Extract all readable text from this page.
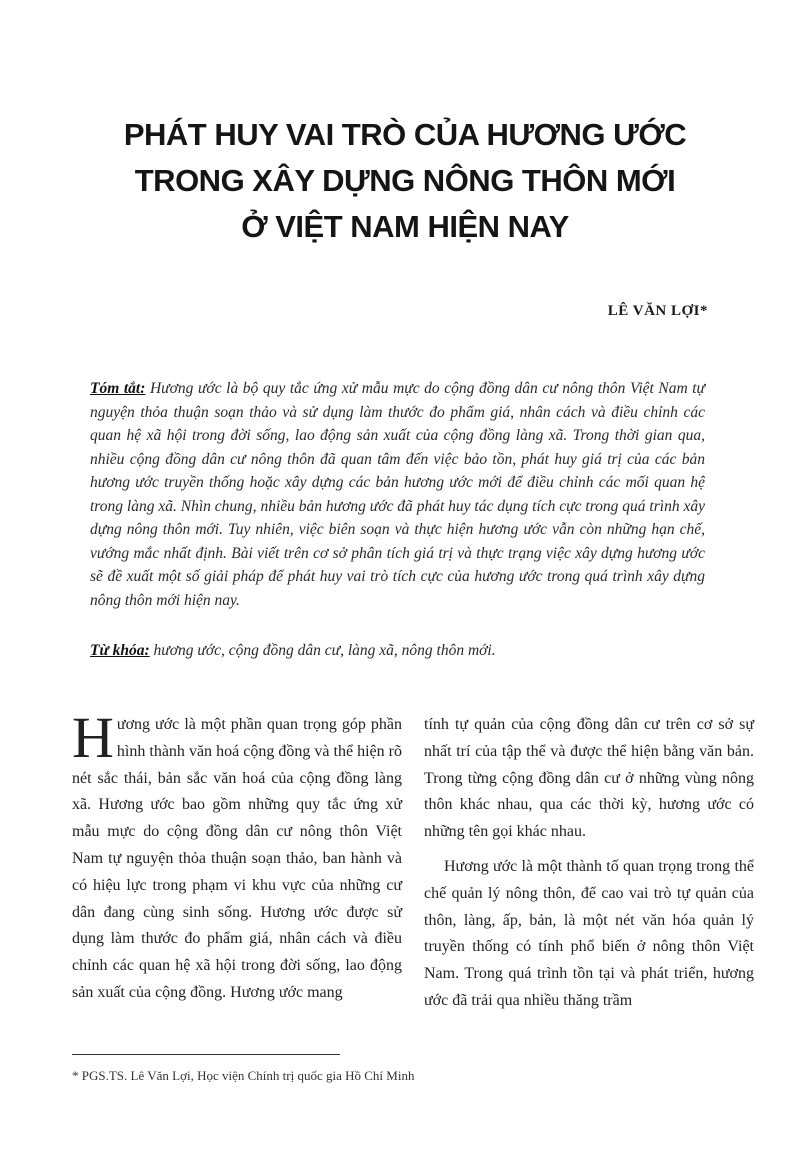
PHÁT HUY VAI TRÒ CỦA HƯƠNG ƯỚC
TRONG XÂY DỰNG NÔNG THÔN MỚI
Ở VIỆT NAM HIỆN NAY
LÊ VĂN LỢI*
Tóm tắt: Hương ước là bộ quy tắc ứng xử mẫu mực do cộng đồng dân cư nông thôn Việt Nam tự nguyện thỏa thuận soạn thảo và sử dụng làm thước đo phẩm giá, nhân cách và điều chỉnh các quan hệ xã hội trong đời sống, lao động sản xuất của cộng đồng làng xã. Trong thời gian qua, nhiều cộng đồng dân cư nông thôn đã quan tâm đến việc bảo tồn, phát huy giá trị của các bản hương ước truyền thống hoặc xây dựng các bản hương ước mới để điều chỉnh các mối quan hệ trong làng xã. Nhìn chung, nhiều bản hương ước đã phát huy tác dụng tích cực trong quá trình xây dựng nông thôn mới. Tuy nhiên, việc biên soạn và thực hiện hương ước vẫn còn những hạn chế, vướng mắc nhất định. Bài viết trên cơ sở phân tích giá trị và thực trạng việc xây dựng hương ước sẽ đề xuất một số giải pháp để phát huy vai trò tích cực của hương ước trong quá trình xây dựng nông thôn mới hiện nay.
Từ khóa: hương ước, cộng đồng dân cư, làng xã, nông thôn mới.

Hương ước là một phần quan trọng góp phần hình thành văn hoá cộng đồng và thể hiện rõ nét sắc thái, bản sắc văn hoá của cộng đồng làng xã. Hương ước bao gồm những quy tắc ứng xử mẫu mực do cộng đồng dân cư nông thôn Việt Nam tự nguyện thỏa thuận soạn thảo, ban hành và có hiệu lực trong phạm vi khu vực của những cư dân đang cùng sinh sống. Hương ước được sử dụng làm thước đo phẩm giá, nhân cách và điều chỉnh các quan hệ xã hội trong đời sống, lao động sản xuất của cộng đồng. Hương ước mang

tính tự quản của cộng đồng dân cư trên cơ sở sự nhất trí của tập thể và được thể hiện bằng văn bản. Trong từng cộng đồng dân cư ở những vùng nông thôn khác nhau, qua các thời kỳ, hương ước có những tên gọi khác nhau.

Hương ước là một thành tố quan trọng trong thể chế quản lý nông thôn, để cao vai trò tự quản của thôn, làng, ấp, bản, là một nét văn hóa quản lý truyền thống có tính phổ biến ở nông thôn Việt Nam. Trong quá trình tồn tại và phát triển, hương ước đã trải qua nhiều thăng trầm

* PGS.TS. Lê Văn Lợi, Học viện Chính trị quốc gia Hồ Chí Minh
